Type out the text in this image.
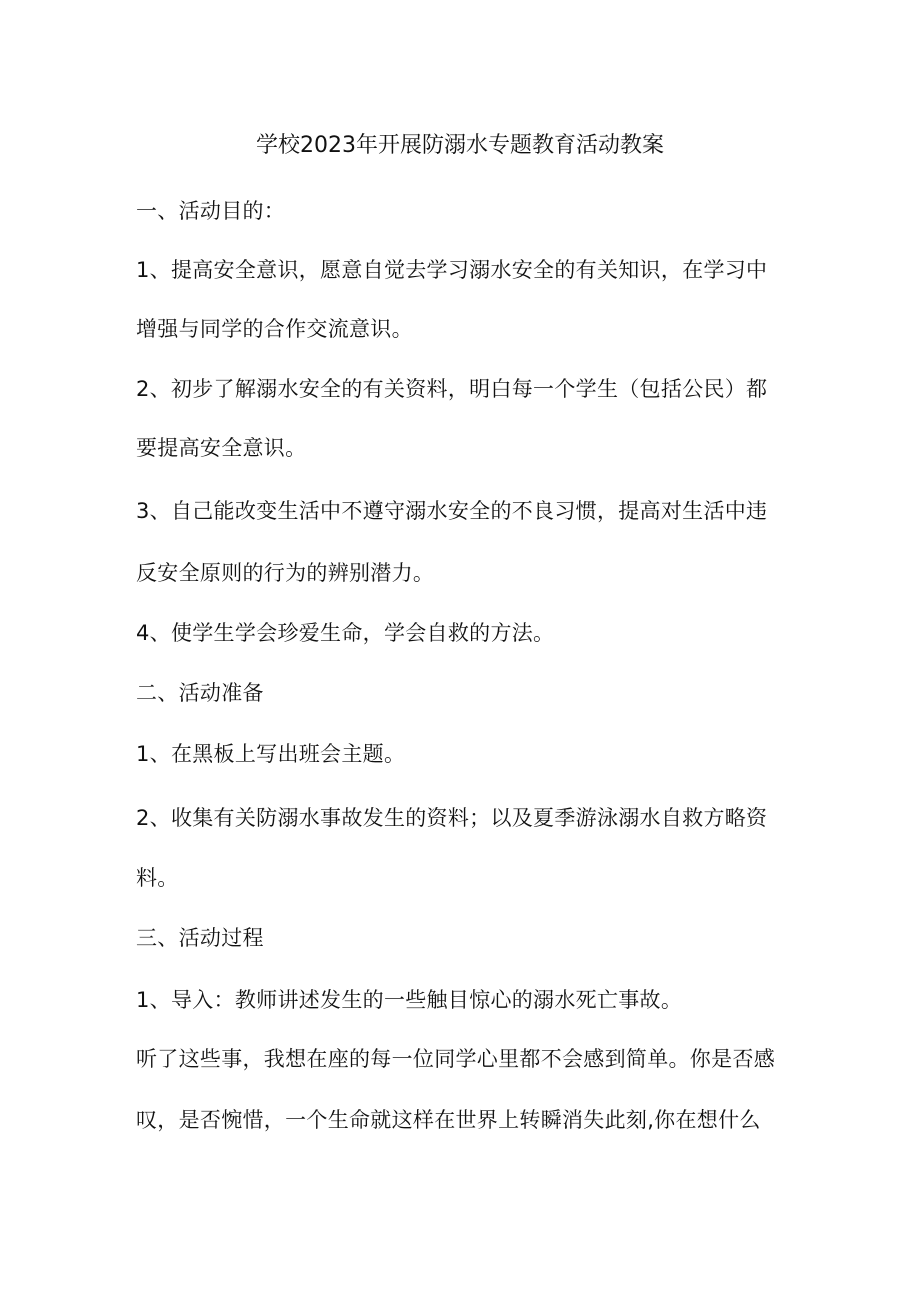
学校2023年开展防溺水专题教育活动教案
一、活动目的：
1、提高安全意识，愿意自觉去学习溺水安全的有关知识，在学习中
增强与同学的合作交流意识。
2、初步了解溺水安全的有关资料，明白每一个学生（包括公民）都
要提高安全意识。
3、自己能改变生活中不遵守溺水安全的不良习惯，提高对生活中违
反安全原则的行为的辨别潜力。
4、使学生学会珍爱生命，学会自救的方法。
二、活动准备
1、在黑板上写出班会主题。
2、收集有关防溺水事故发生的资料；以及夏季游泳溺水自救方略资
料。
三、活动过程
1、导入：教师讲述发生的一些触目惊心的溺水死亡事故。
听了这些事，我想在座的每一位同学心里都不会感到简单。你是否感
叹，是否惋惜，一个生命就这样在世界上转瞬消失此刻,你在想什么
